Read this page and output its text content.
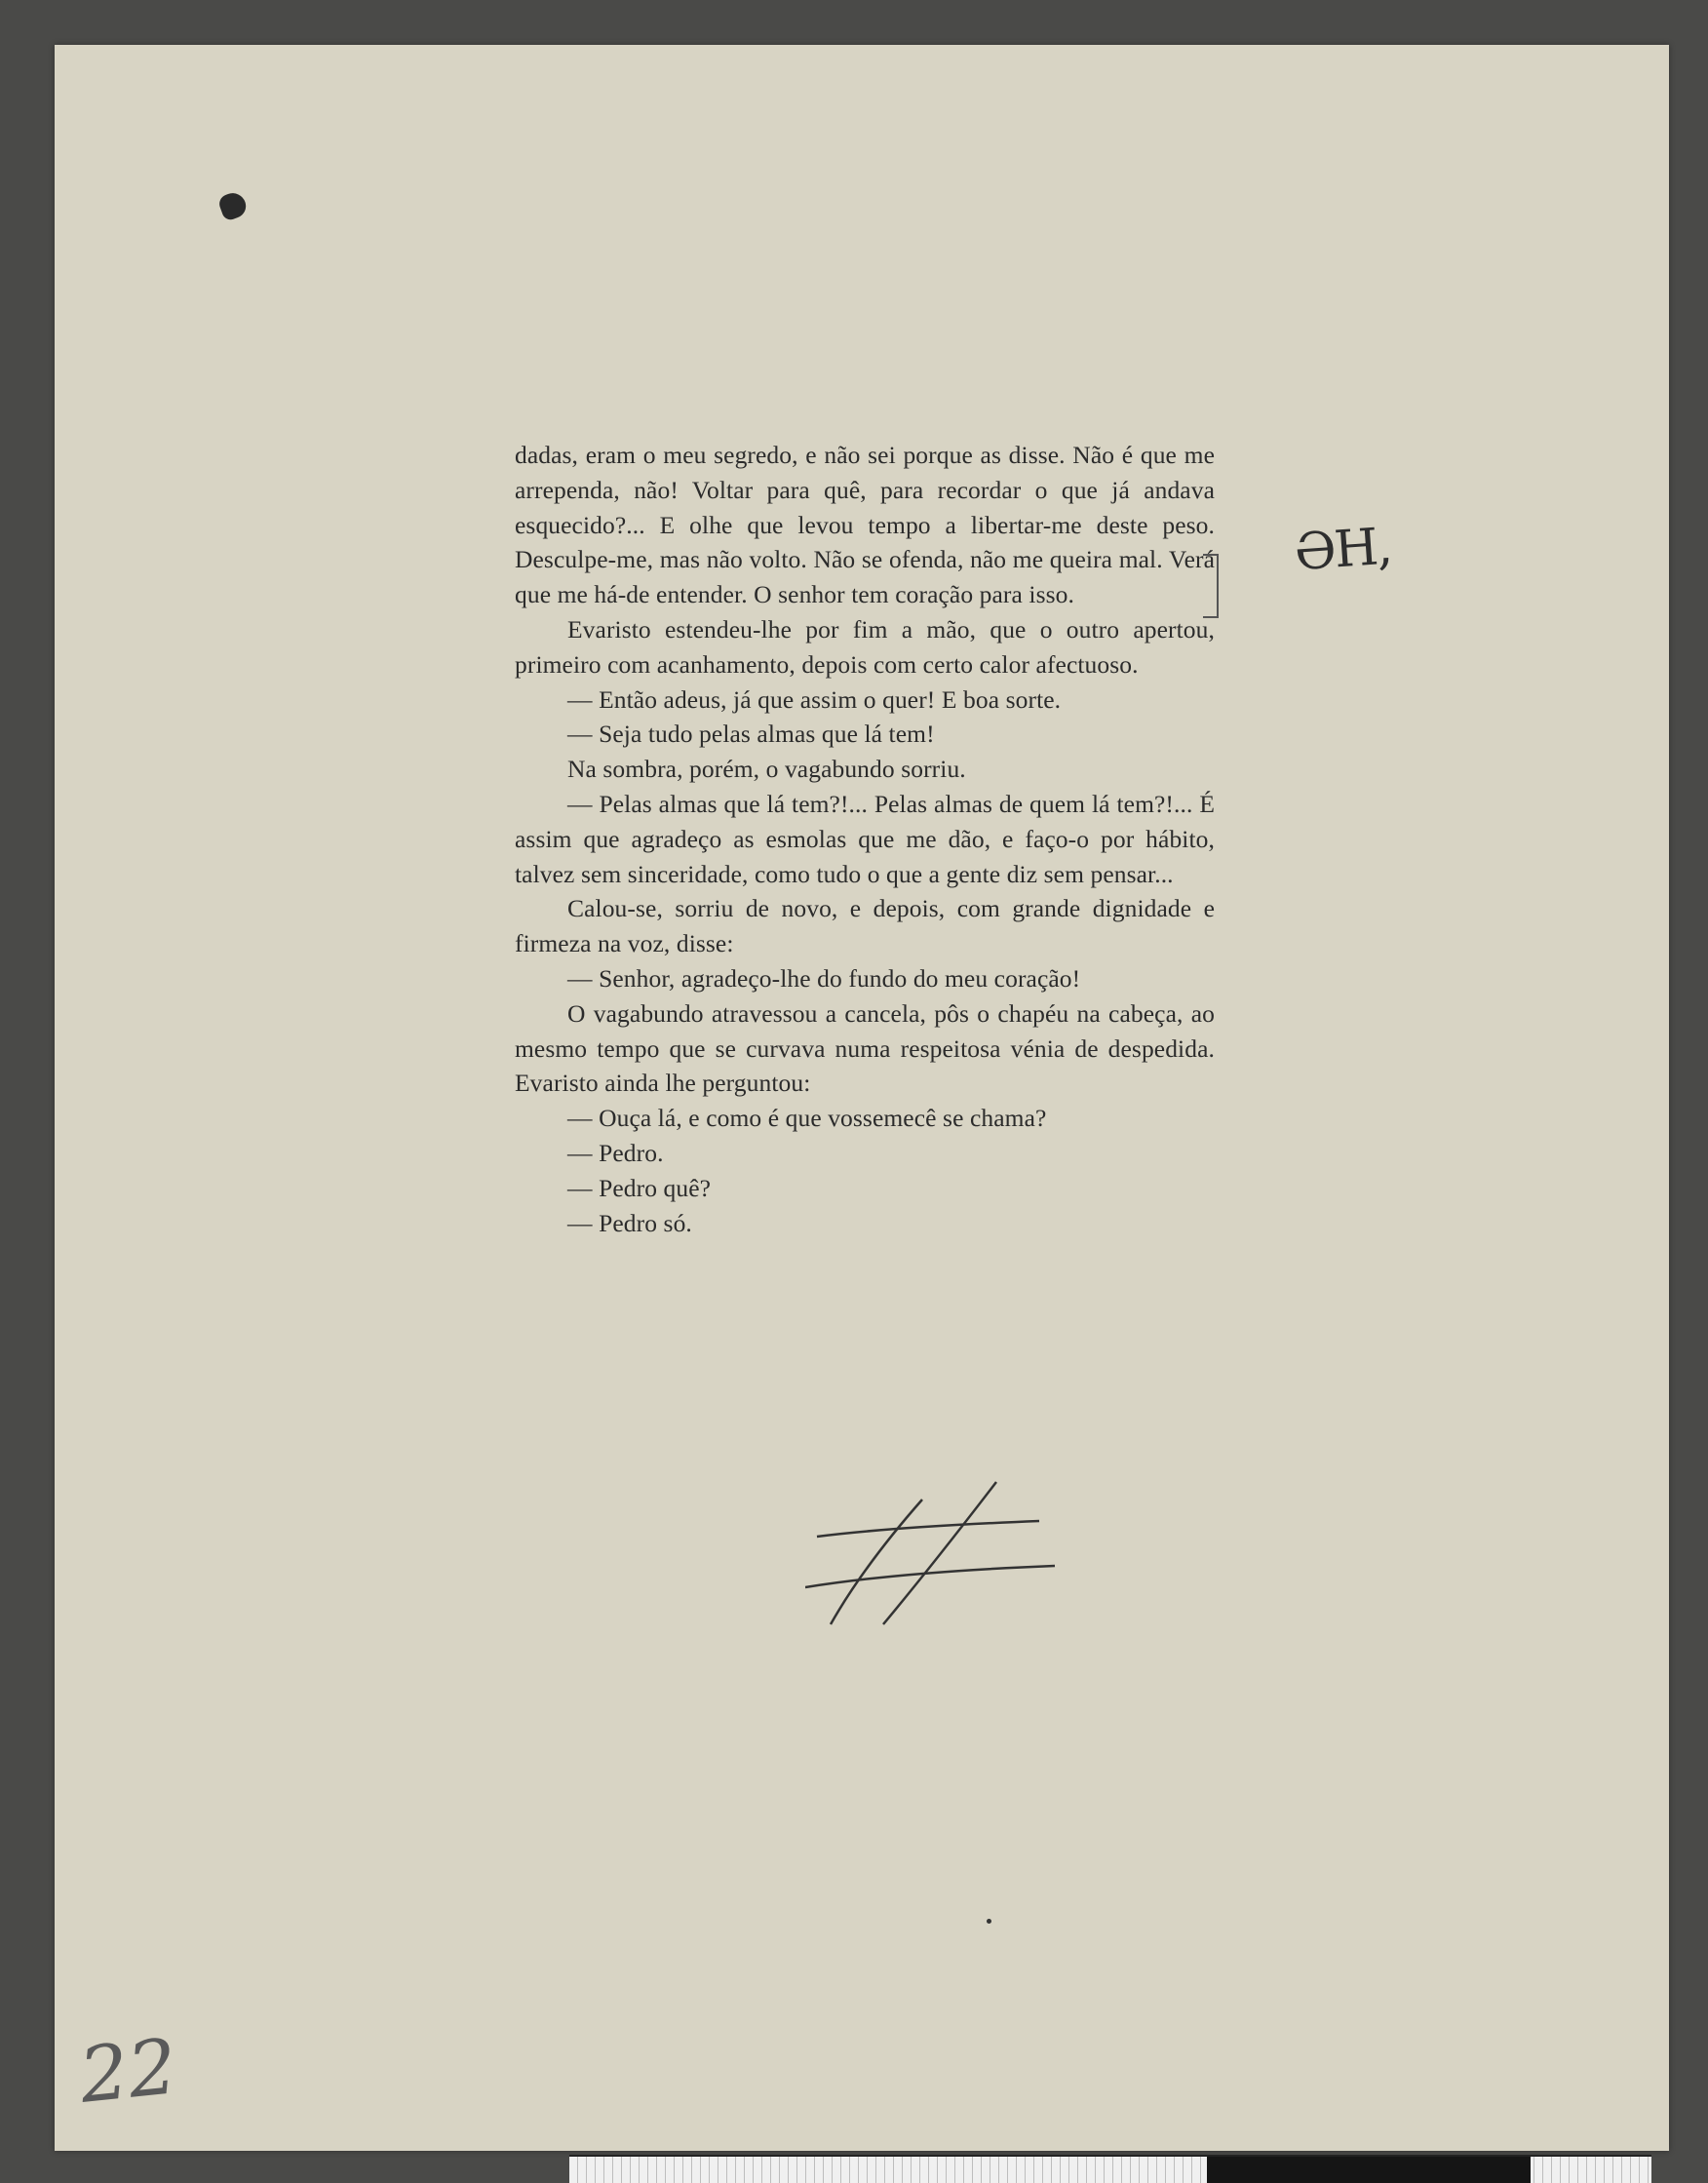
dadas, eram o meu segredo, e não sei porque as disse. Não é que me arrependa, não! Voltar para quê, para recordar o que já andava esquecido?... E olhe que levou tempo a libertar-me deste peso. Desculpe-me, mas não volto. Não se ofenda, não me queira mal. Verá que me há-de entender. O senhor tem coração para isso.

Evaristo estendeu-lhe por fim a mão, que o outro apertou, primeiro com acanhamento, depois com certo calor afectuoso.

— Então adeus, já que assim o quer! E boa sorte.

— Seja tudo pelas almas que lá tem!

Na sombra, porém, o vagabundo sorriu.

— Pelas almas que lá tem?!... Pelas almas de quem lá tem?!... É assim que agradeço as esmolas que me dão, e faço-o por hábito, talvez sem sinceridade, como tudo o que a gente diz sem pensar...

Calou-se, sorriu de novo, e depois, com grande dignidade e firmeza na voz, disse:

— Senhor, agradeço-lhe do fundo do meu coração!

O vagabundo atravessou a cancela, pôs o chapéu na cabeça, ao mesmo tempo que se curvava numa respeitosa vénia de despedida. Evaristo ainda lhe perguntou:

— Ouça lá, e como é que vossemecê se chama?

— Pedro.

— Pedro quê?

— Pedro só.

ƏH,
22
